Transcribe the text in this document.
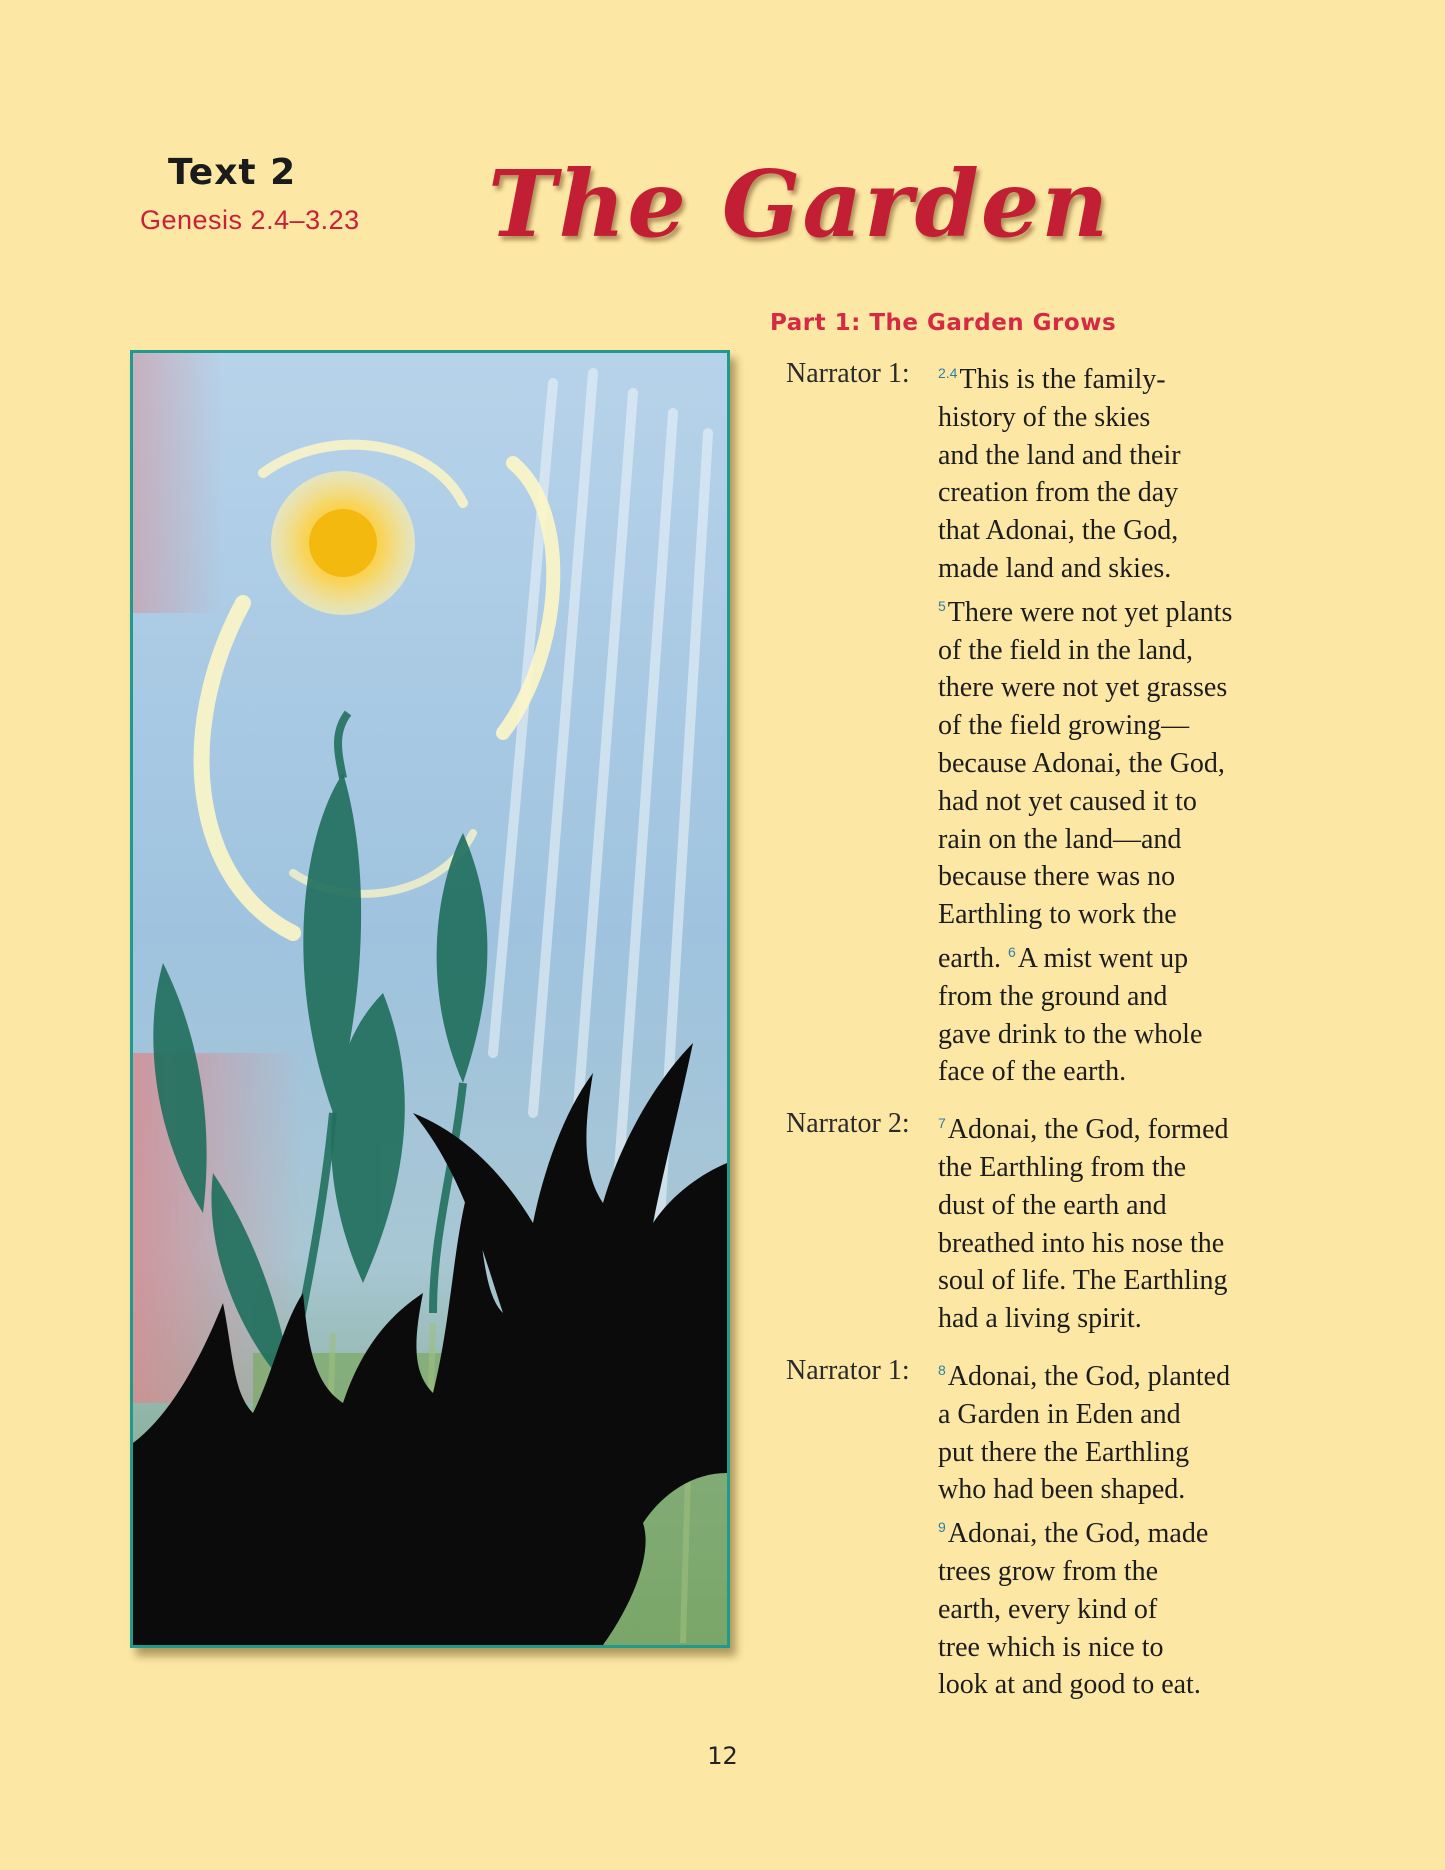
Text 2
Genesis 2.4–3.23 The Garden
Part 1: The Garden Grows
Narrator 1:	$^{2.4}$This is the family-
history of the skies
and the land and their
creation from the day
that Adonai, the God,
made land and skies.
$^5$There were not yet plants
of the field in the land,
there were not yet grasses
of the field growing—
because Adonai, the God,
had not yet caused it to
rain on the land—and
because there was no
Earthling to work the
earth. $^6$A mist went up
from the ground and
gave drink to the whole
face of the earth.
Narrator 2:	$^7$Adonai, the God, formed
the Earthling from the
dust of the earth and
breathed into his nose the
soul of life. The Earthling
had a living spirit.
Narrator 1:	$^8$Adonai, the God, planted
a Garden in Eden and
put there the Earthling
who had been shaped.
$^9$Adonai, the God, made
trees grow from the
earth, every kind of
tree which is nice to
look at and good to eat.
12
